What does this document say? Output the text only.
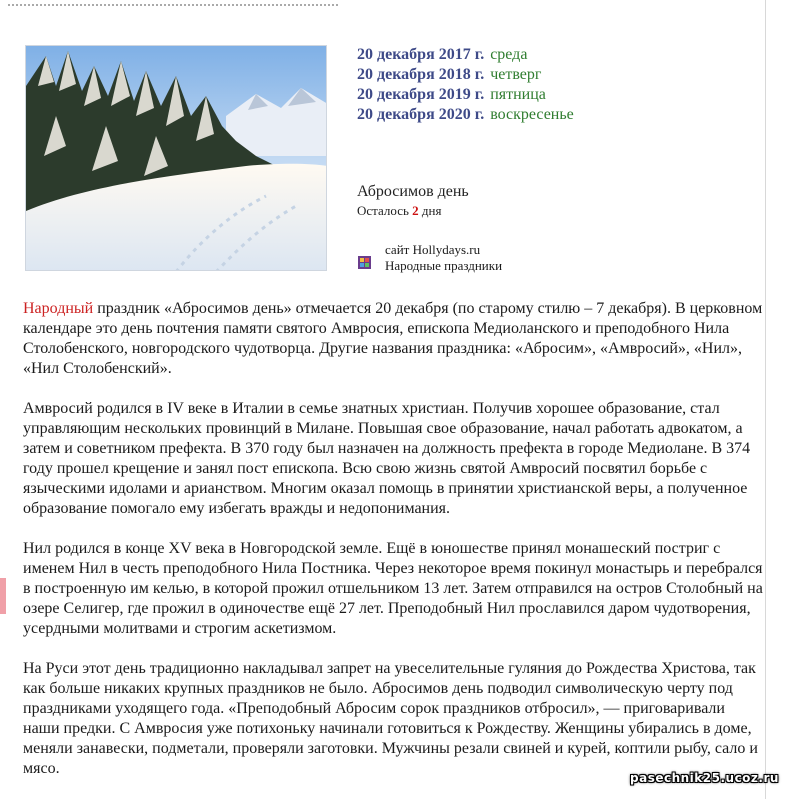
20 декабря 2017 г. среда
20 декабря 2018 г. четверг
20 декабря 2019 г. пятница
20 декабря 2020 г. воскресенье
Абросимов день
Осталось 2 дня
сайт Hollydays.ru
Народные праздники

Народный праздник «Абросимов день» отмечается 20 декабря (по старому стилю – 7 декабря). В церковном календаре это день почтения памяти святого Амвросия, епископа Медиоланского и преподобного Нила Столобенского, новгородского чудотворца. Другие названия праздника: «Абросим», «Амвросий», «Нил», «Нил Столобенский».

Амвросий родился в IV веке в Италии в семье знатных христиан. Получив хорошее образование, стал управляющим нескольких провинций в Милане. Повышая свое образование, начал работать адвокатом, а затем и советником префекта. В 370 году был назначен на должность префекта в городе Медиолане. В 374 году прошел крещение и занял пост епископа. Всю свою жизнь святой Амвросий посвятил борьбе с языческими идолами и арианством. Многим оказал помощь в принятии христианской веры, а полученное образование помогало ему избегать вражды и недопонимания.

Нил родился в конце XV века в Новгородской земле. Ещё в юношестве принял монашеский постриг с именем Нил в честь преподобного Нила Постника. Через некоторое время покинул монастырь и перебрался в построенную им келью, в которой прожил отшельником 13 лет. Затем отправился на остров Столобный на озере Селигер, где прожил в одиночестве ещё 27 лет. Преподобный Нил прославился даром чудотворения, усердными молитвами и строгим аскетизмом.

На Руси этот день традиционно накладывал запрет на увеселительные гуляния до Рождества Христова, так как больше никаких крупных праздников не было. Абросимов день подводил символическую черту под праздниками уходящего года. «Преподобный Абросим сорок праздников отбросил», — приговаривали наши предки. С Амвросия уже потихоньку начинали готовиться к Рождеству. Женщины убирались в доме, меняли занавески, подметали, проверяли заготовки. Мужчины резали свиней и курей, коптили рыбу, сало и мясо.

pasechnik25.ucoz.ru
